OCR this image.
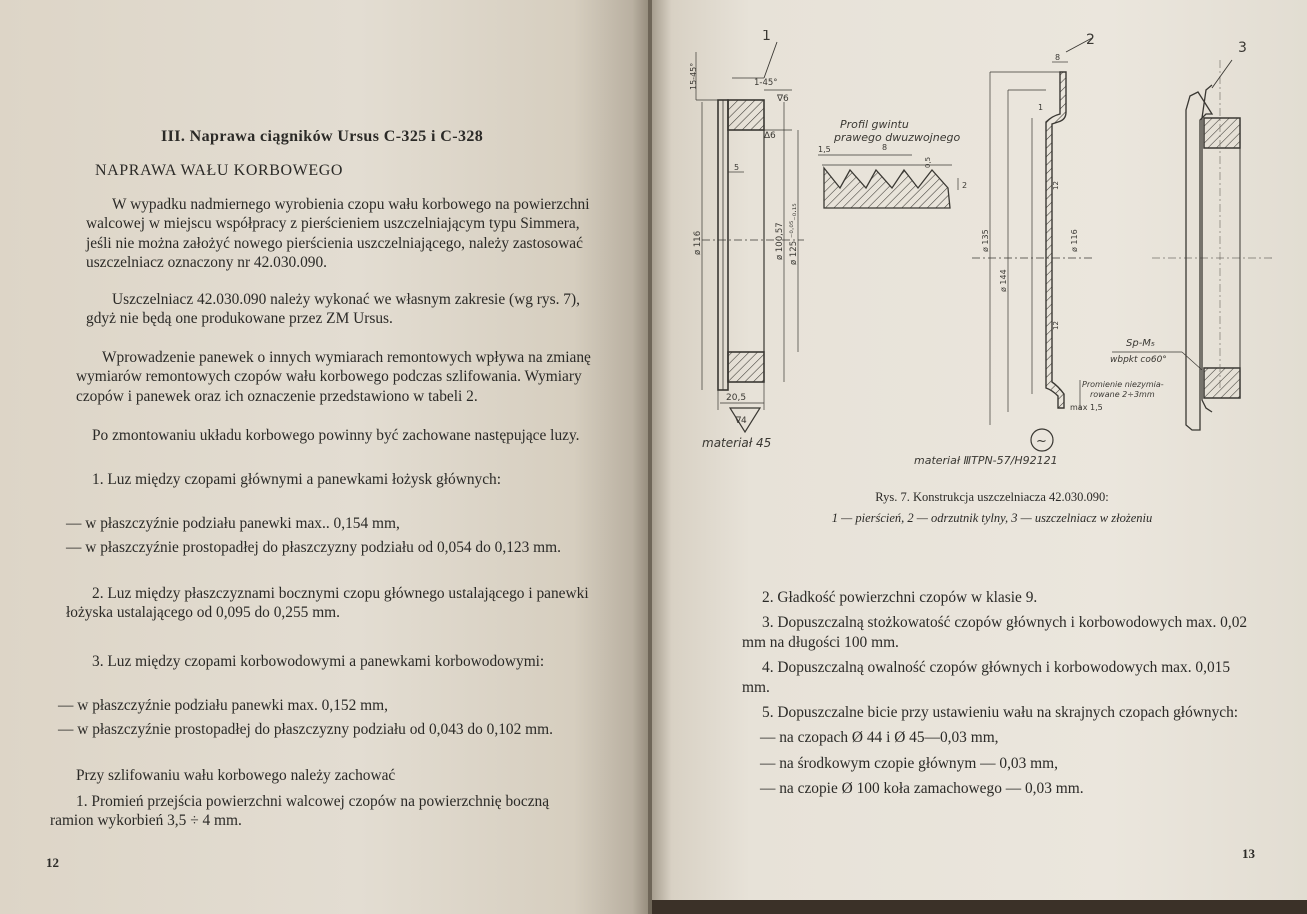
III. Naprawa ciągników Ursus C-325 i C-328
NAPRAWA WAŁU KORBOWEGO
W wypadku nadmiernego wyrobienia czopu wału korbowego na powierzchni walcowej w miejscu współpracy z pierścieniem uszczelniającym typu Simmera, jeśli nie można założyć nowego pierścienia uszczelniającego, należy zastosować uszczelniacz oznaczony nr 42.030.090.
Uszczelniacz 42.030.090 należy wykonać we własnym zakresie (wg rys. 7), gdyż nie będą one produkowane przez ZM Ursus.
Wprowadzenie panewek o innych wymiarach remontowych wpływa na zmianę wymiarów remontowych czopów wału korbowego podczas szlifowania. Wymiary czopów i panewek oraz ich oznaczenie przedstawiono w tabeli 2.
Po zmontowaniu układu korbowego powinny być zachowane następujące luzy.
1. Luz między czopami głównymi a panewkami łożysk głównych:
— w płaszczyźnie podziału panewki max.. 0,154 mm,
— w płaszczyźnie prostopadłej do płaszczyzny podziału od 0,054 do 0,123 mm.
2. Luz między płaszczyznami bocznymi czopu głównego ustalającego i panewki łożyska ustalającego od 0,095 do 0,255 mm.
3. Luz między czopami korbowodowymi a panewkami korbowodowymi:
— w płaszczyźnie podziału panewki max. 0,152 mm,
— w płaszczyźnie prostopadłej do płaszczyzny podziału od 0,043 do 0,102 mm.
Przy szlifowaniu wału korbowego należy zachować
1. Promień przejścia powierzchni walcowej czopów na powierzchnię boczną ramion wykorbień 3,5 ÷ 4 mm.
12
1
15-45°	1-45°
∇6
∆6
5
ø 116	ø 100,57 ø 125 ⁻⁰·⁰⁵₋₀.₁₅
20,5
∇4
materiał 45
Profil gwintu
prawego dwuzwojnego
1,5	8
0,5
2
2
8
1
ø 135
ø 144
ø 116
12
12
~
materiał ⅢTPN-57/H92121
3
Sp-M₅
wbpkt co60°
Promienie niezymia-
rowane 2÷3mm
max 1,5
Rys. 7. Konstrukcja uszczelniacza 42.030.090:
1 — pierścień, 2 — odrzutnik tylny, 3 — uszczelniacz w złożeniu
2. Gładkość powierzchni czopów w klasie 9.
3. Dopuszczalną stożkowatość czopów głównych i korbowodowych max. 0,02 mm na długości 100 mm.
4. Dopuszczalną owalność czopów głównych i korbowodowych max. 0,015 mm.
5. Dopuszczalne bicie przy ustawieniu wału na skrajnych czopach głównych:
— na czopach Ø 44 i Ø 45—0,03 mm,
— na środkowym czopie głównym — 0,03 mm,
— na czopie Ø 100 koła zamachowego — 0,03 mm.
13
